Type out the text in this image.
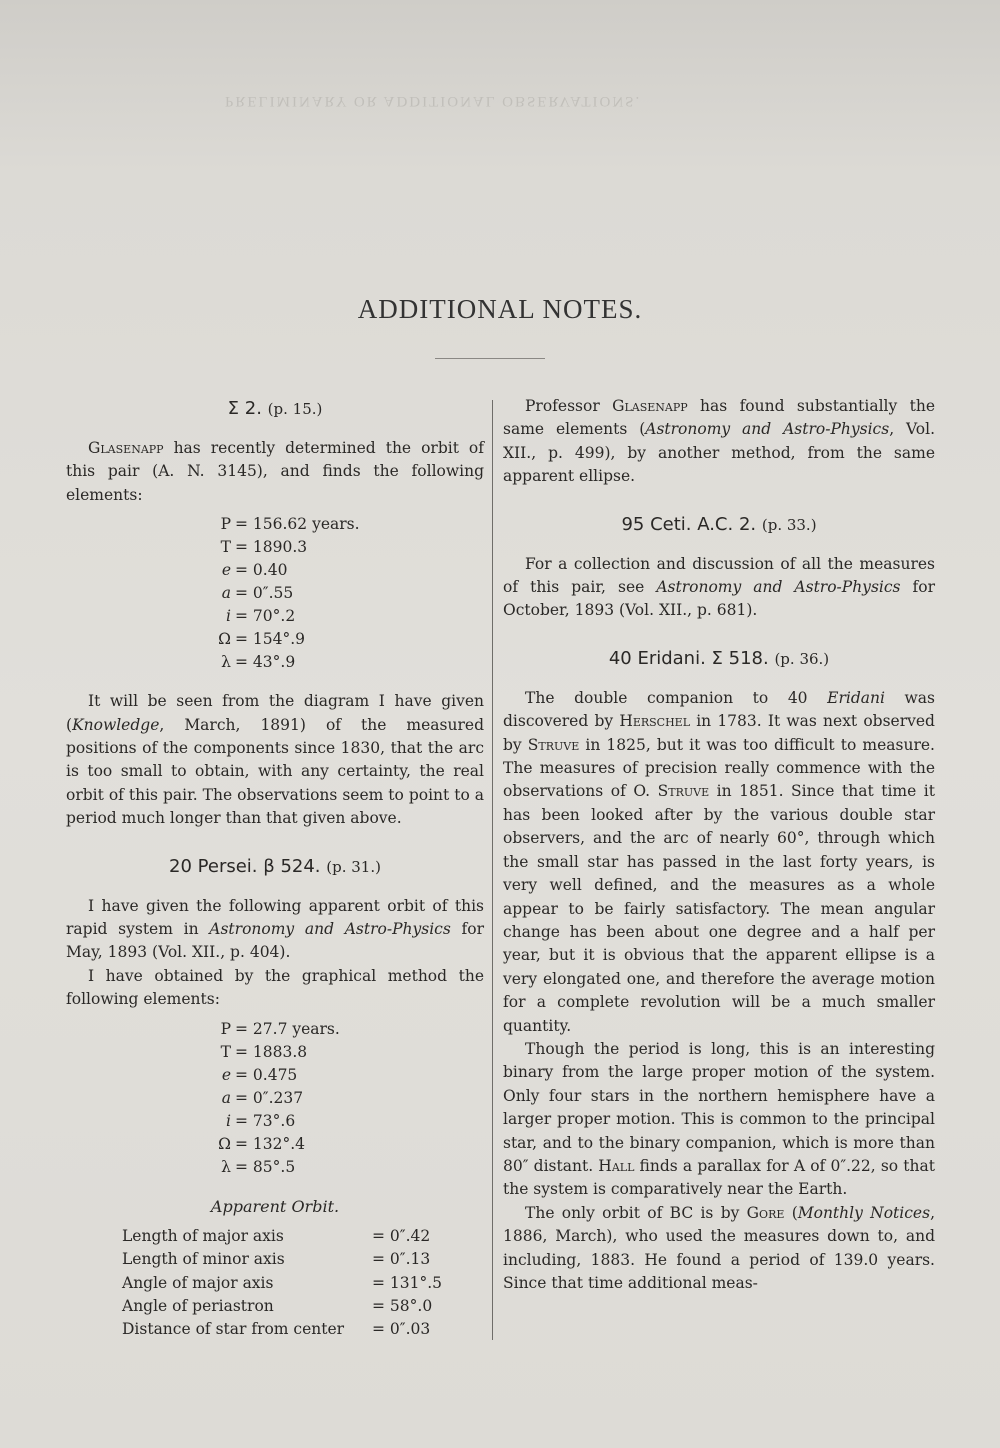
PRELIMINARY OR ADDITIONAL OBSERVATIONS.
ADDITIONAL NOTES.
Σ 2. (p. 15.)

Glasenapp has recently determined the orbit of this pair (A. N. 3145), and finds the following elements:

P = 156.62 years.
T = 1890.3
e = 0.40
a = 0″.55
i = 70°.2
Ω = 154°.9
λ = 43°.9

It will be seen from the diagram I have given (Knowledge, March, 1891) of the measured positions of the components since 1830, that the arc is too small to obtain, with any certainty, the real orbit of this pair. The observations seem to point to a period much longer than that given above.

20 Persei. β 524. (p. 31.)

I have given the following apparent orbit of this rapid system in Astronomy and Astro-Physics for May, 1893 (Vol. XII., p. 404).

I have obtained by the graphical method the following elements:

P = 27.7 years.
T = 1883.8
e = 0.475
a = 0″.237
i = 73°.6
Ω = 132°.4
λ = 85°.5
Apparent Orbit.
Length of major axis	= 0″.42
Length of minor axis	= 0″.13
Angle of major axis	= 131°.5
Angle of periastron	= 58°.0
Distance of star from center	= 0″.03

Professor Glasenapp has found substantially the same elements (Astronomy and Astro-Physics, Vol. XII., p. 499), by another method, from the same apparent ellipse.

95 Ceti. A.C. 2. (p. 33.)

For a collection and discussion of all the measures of this pair, see Astronomy and Astro-Physics for October, 1893 (Vol. XII., p. 681).

40 Eridani. Σ 518. (p. 36.)

The double companion to 40 Eridani was discovered by Herschel in 1783. It was next observed by Struve in 1825, but it was too difficult to measure. The measures of precision really commence with the observations of O. Struve in 1851. Since that time it has been looked after by the various double star observers, and the arc of nearly 60°, through which the small star has passed in the last forty years, is very well defined, and the measures as a whole appear to be fairly satisfactory. The mean angular change has been about one degree and a half per year, but it is obvious that the apparent ellipse is a very elongated one, and therefore the average motion for a complete revolution will be a much smaller quantity.

Though the period is long, this is an interesting binary from the large proper motion of the system. Only four stars in the northern hemisphere have a larger proper motion. This is common to the principal star, and to the binary companion, which is more than 80″ distant. Hall finds a parallax for A of 0″.22, so that the system is comparatively near the Earth.

The only orbit of BC is by Gore (Monthly Notices, 1886, March), who used the measures down to, and including, 1883. He found a period of 139.0 years. Since that time additional meas-
